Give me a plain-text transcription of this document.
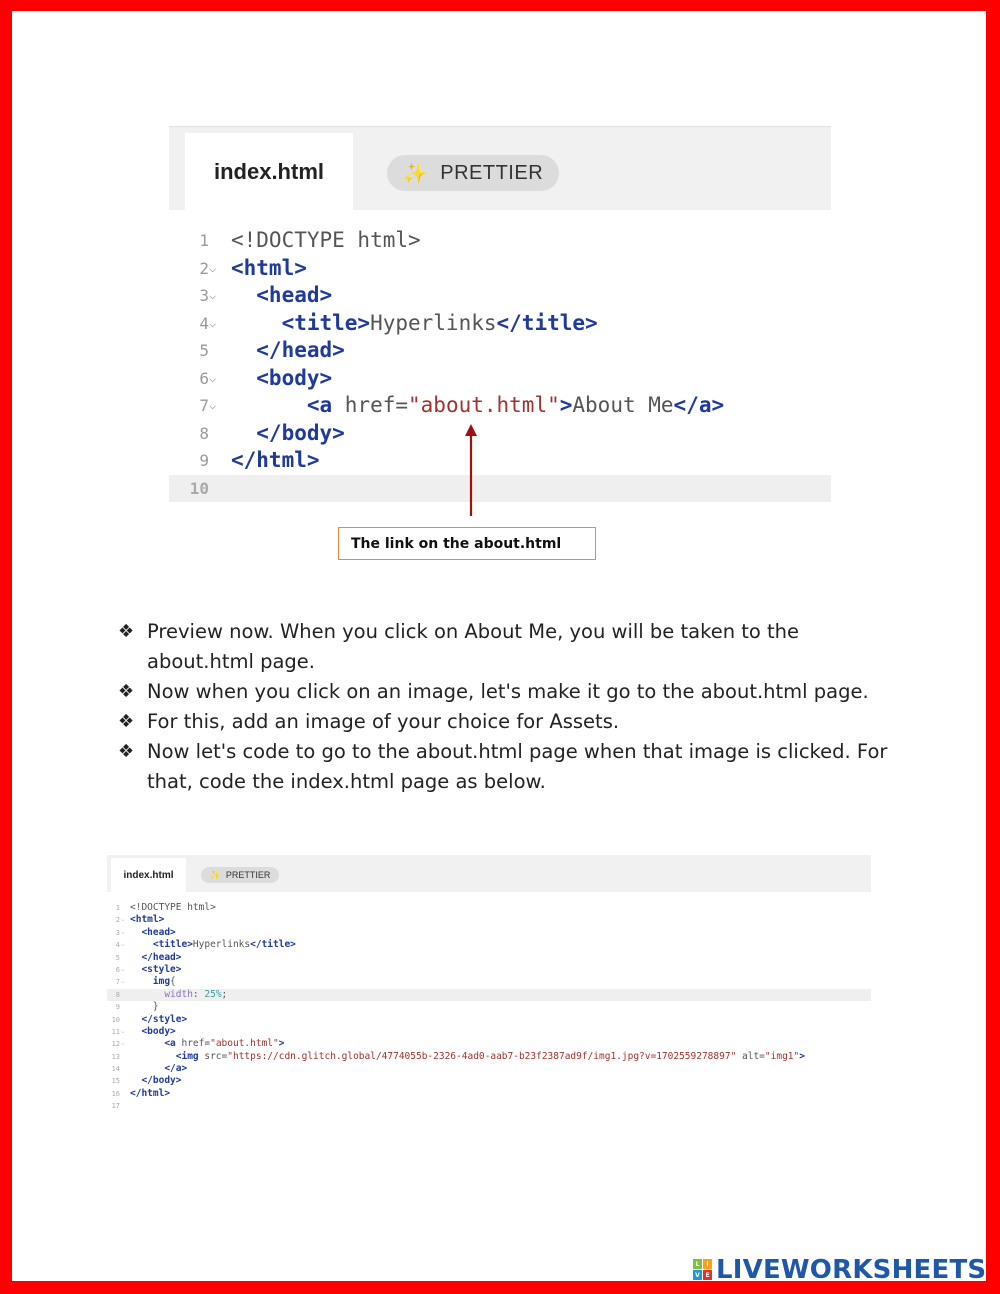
index.html	✨ PRETTIER
1 <!DOCTYPE html>
2 ⌵ <html>
3 ⌵ <head>
4 ⌵ <title>Hyperlinks</title>
5 </head>
6 ⌵ <body>
7 ⌵ <a href="about.html">About Me</a>
8 </body>
9 </html>
10
The link on the about.html
❖ Preview now. When you click on About Me, you will be taken to the about.html page.
❖ Now when you click on an image, let's make it go to the about.html page.
❖ For this, add an image of your choice for Assets.
❖ Now let's code to go to the about.html page when that image is clicked. For that, code the index.html page as below.
index.html	✨ PRETTIER
1 <!DOCTYPE html>
2 ⌵ <html>
3 ⌵ <head>
4 ⌵ <title>Hyperlinks</title>
5 </head>
6 ⌵ <style>
7 ⌵ img{
8 width: 25%;
9 }
10 </style>
11 ⌵ <body>
12 ⌵ <a href="about.html">
13 <img src="https://cdn.glitch.global/4774055b-2326-4ad0-aab7-b23f2387ad9f/img1.jpg?v=1702559278897" alt="img1">
14 </a>
15 </body>
16 </html>
17
L	I
V E LIVEWORKSHEETS
